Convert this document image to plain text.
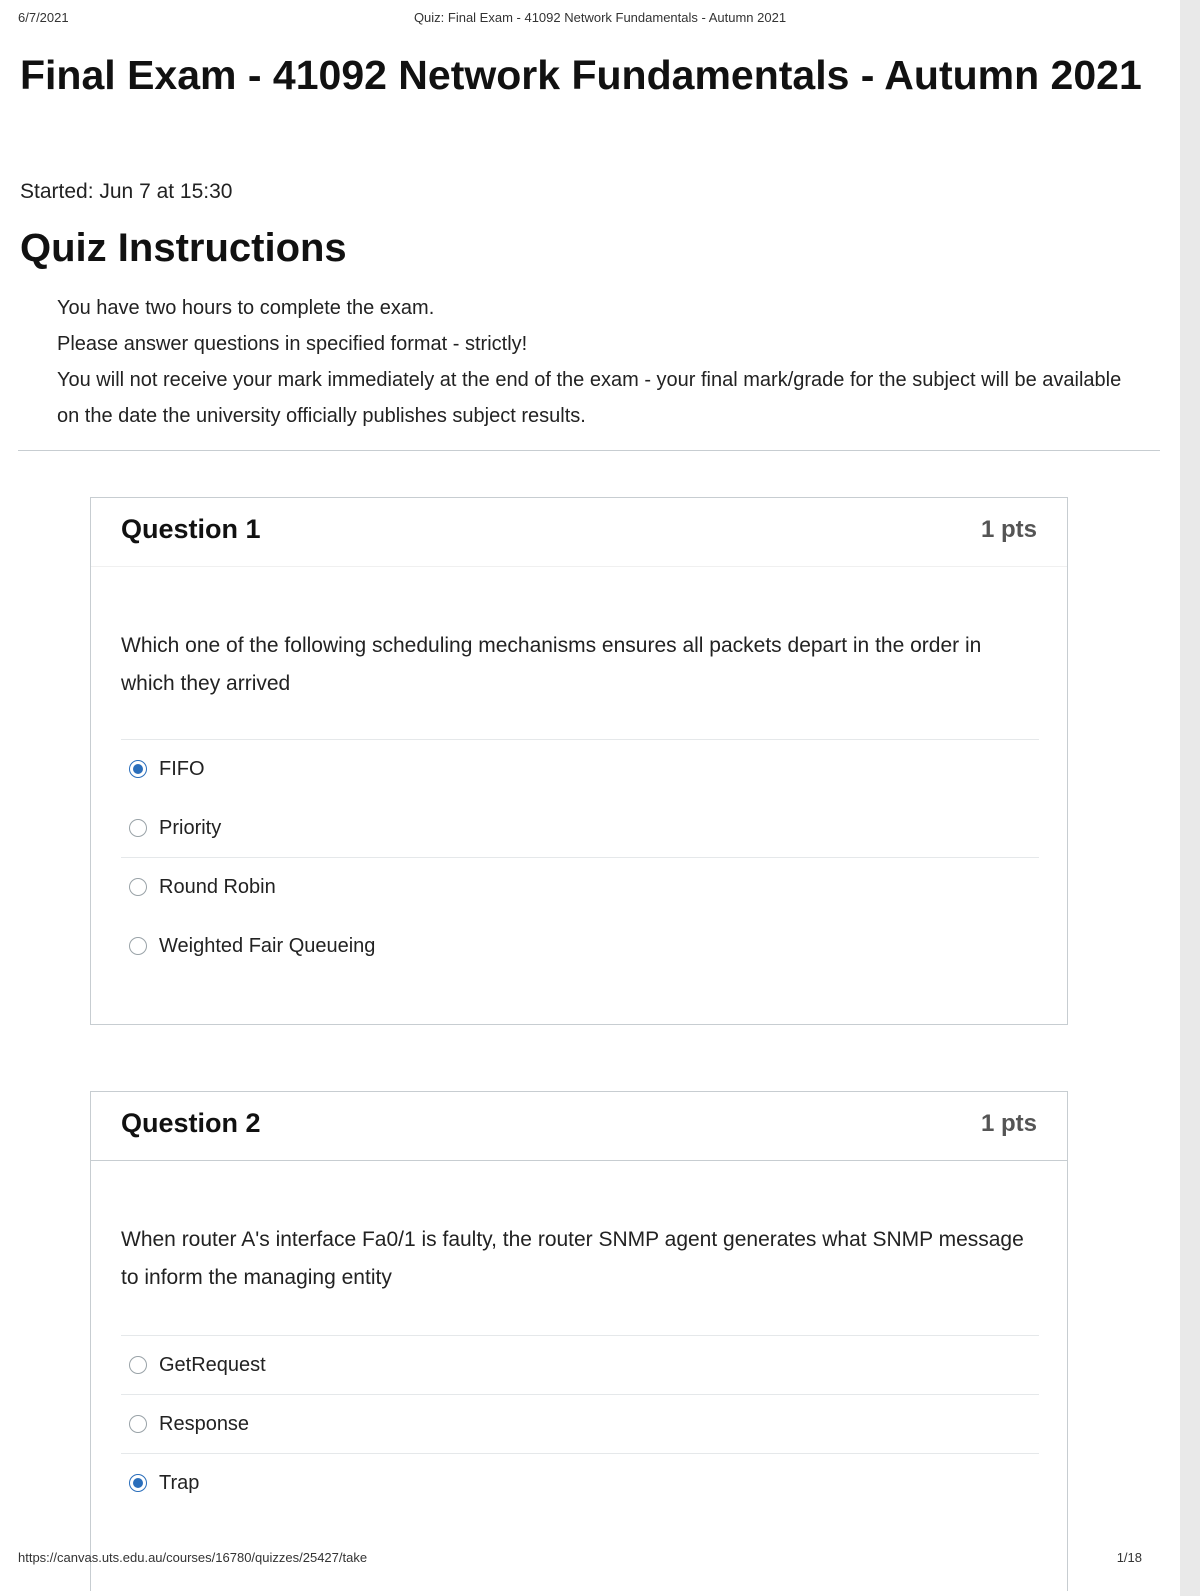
6/7/2021	Quiz: Final Exam - 41092 Network Fundamentals - Autumn 2021
Final Exam - 41092 Network Fundamentals - Autumn 2021
Started: Jun 7 at 15:30
Quiz Instructions

You have two hours to complete the exam.

Please answer questions in specified format - strictly!

You will not receive your mark immediately at the end of the exam - your final mark/grade for the subject will be available on the date the university officially publishes subject results.

Question 1	1 pts
Which one of the following scheduling mechanisms ensures all packets depart in the order in which they arrived
FIFO
Priority
Round Robin
Weighted Fair Queueing
Question 2	1 pts
When router A's interface Fa0/1 is faulty, the router SNMP agent generates what SNMP message to inform the managing entity
GetRequest
Response
Trap
https://canvas.uts.edu.au/courses/16780/quizzes/25427/take	1/18
